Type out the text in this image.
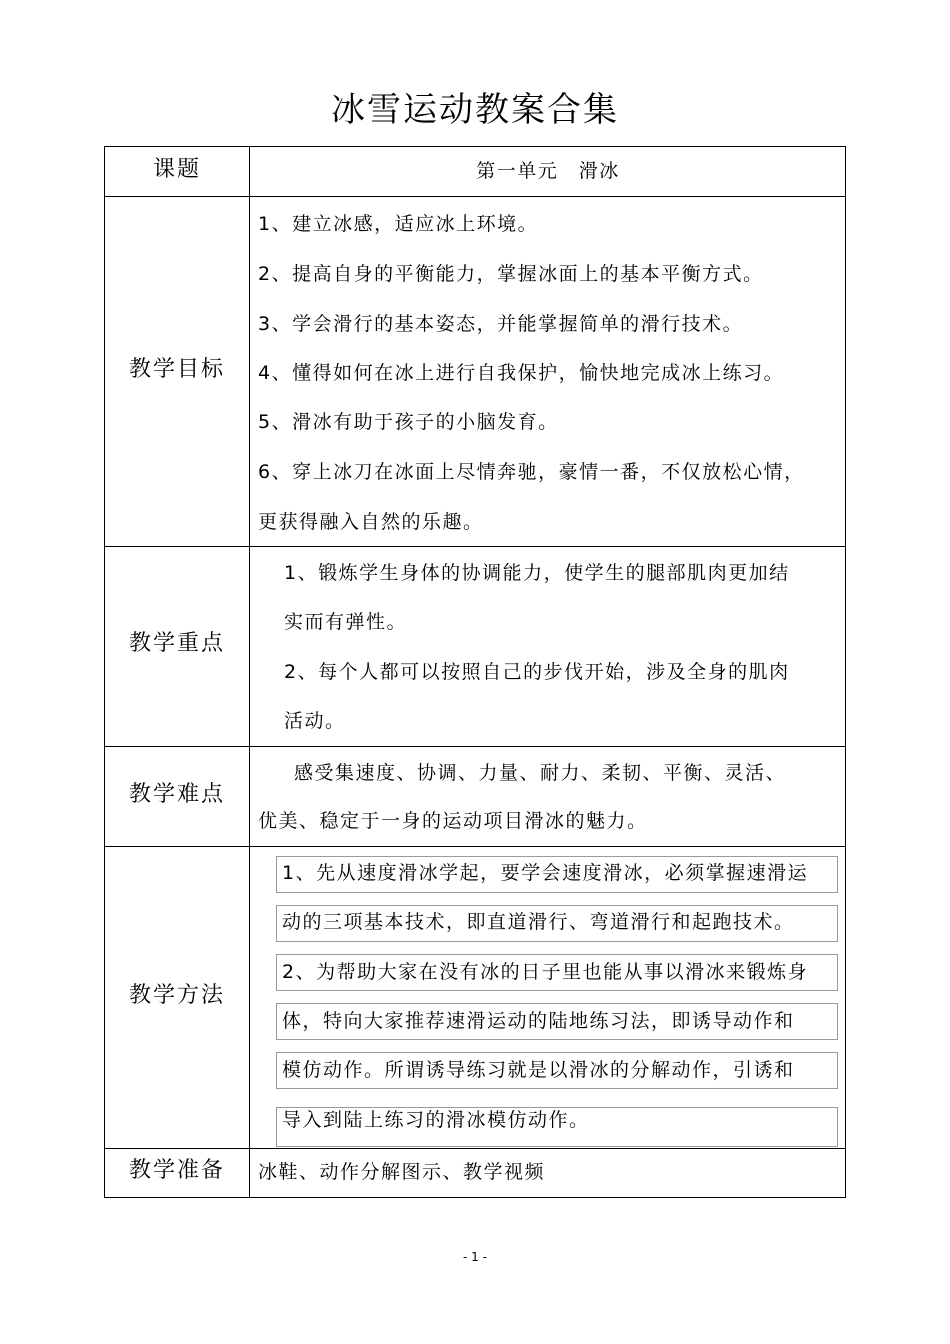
冰雪运动教案合集
课题	第一单元　滑冰
教学目标
1、建立冰感，适应冰上环境。
2、提高自身的平衡能力，掌握冰面上的基本平衡方式。
3、学会滑行的基本姿态，并能掌握简单的滑行技术。
4、懂得如何在冰上进行自我保护，愉快地完成冰上练习。
5、滑冰有助于孩子的小脑发育。
6、穿上冰刀在冰面上尽情奔驰，豪情一番，不仅放松心情，
更获得融入自然的乐趣。
教学重点
1、锻炼学生身体的协调能力，使学生的腿部肌肉更加结
实而有弹性。
2、每个人都可以按照自己的步伐开始，涉及全身的肌肉
活动。
教学难点
感受集速度、协调、力量、耐力、柔韧、平衡、灵活、
优美、稳定于一身的运动项目滑冰的魅力。
教学方法
1、先从速度滑冰学起，要学会速度滑冰，必须掌握速滑运
动的三项基本技术，即直道滑行、弯道滑行和起跑技术。
2、为帮助大家在没有冰的日子里也能从事以滑冰来锻炼身
体，特向大家推荐速滑运动的陆地练习法，即诱导动作和
模仿动作。所谓诱导练习就是以滑冰的分解动作，引诱和
导入到陆上练习的滑冰模仿动作。
教学准备	冰鞋、动作分解图示、教学视频
- 1 -
